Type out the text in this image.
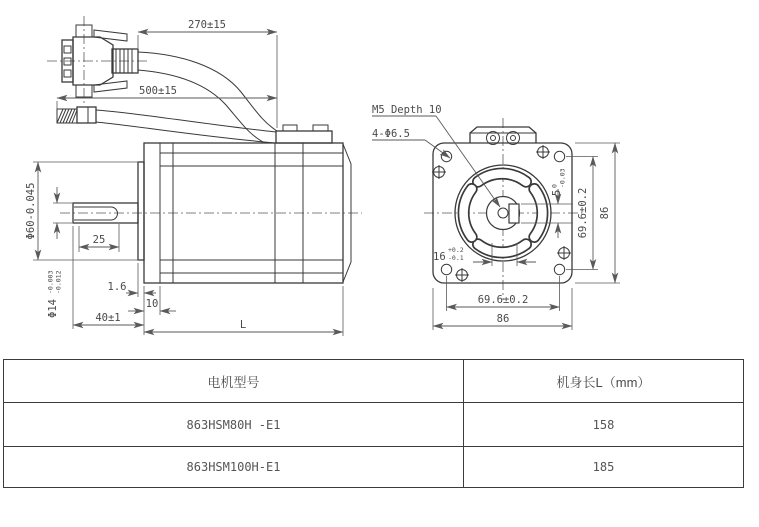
270±15
500±15
25
1.6
10
40±1
L
Φ60-0.045
Φ14-0.003-0.012
M5 Depth 10
4-Φ6.5
50-0.03
16+0.2 -0.1
69.6±0.2 86
69.6±0.2
86
电机型号	机身长L（mm）
863HSM80H -E1	158
863HSM100H-E1	185
